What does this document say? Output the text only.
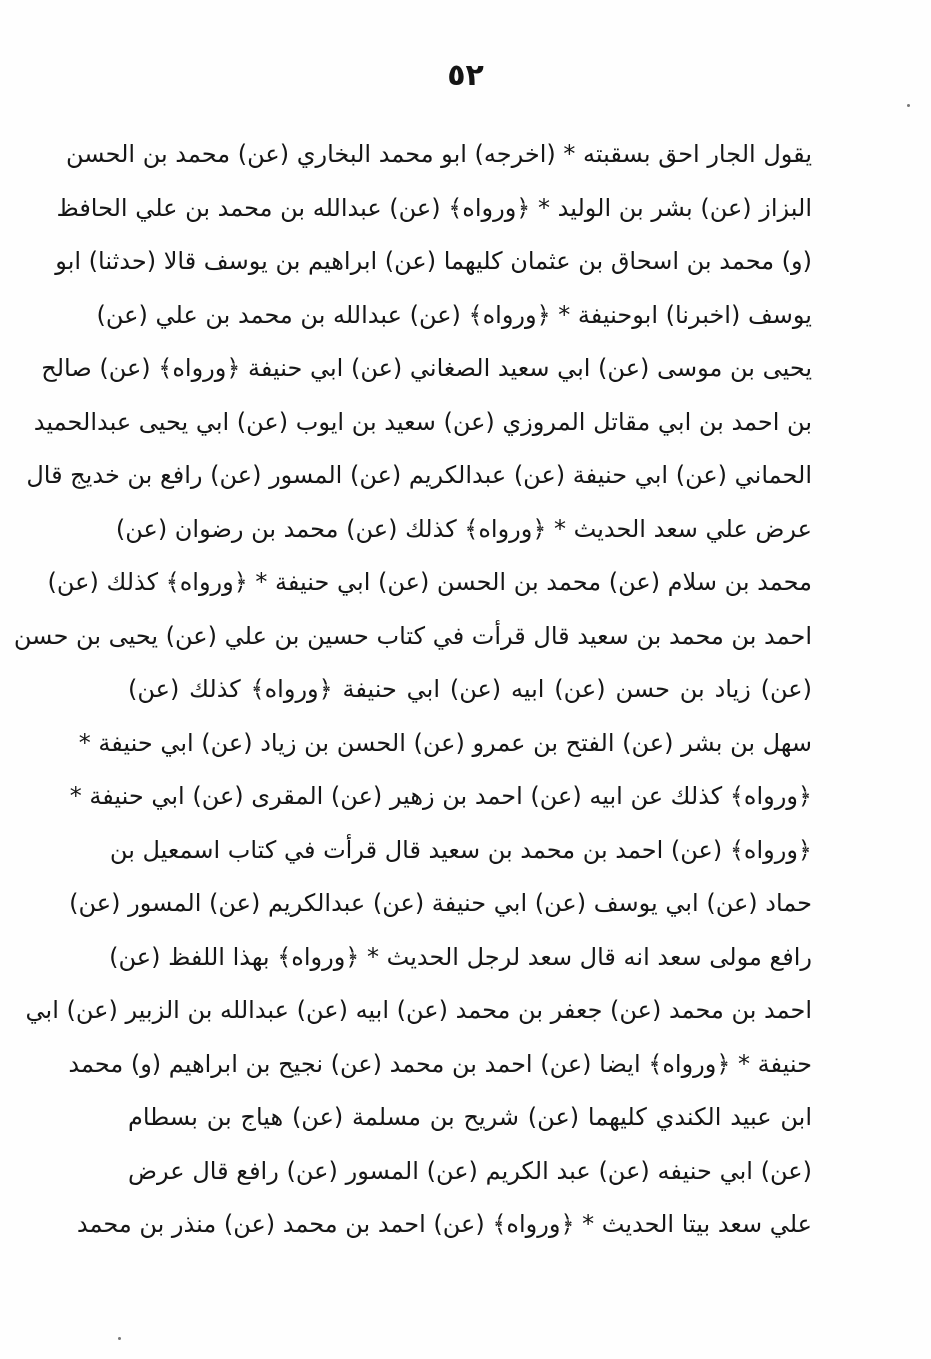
٥٢
يقول الجار احق بسقبته * (اخرجه) ابو محمد البخاري (عن) محمد بن الحسن
البزاز (عن) بشر بن الوليد * ﴿ورواه﴾ (عن) عبدالله بن محمد بن علي الحافظ
(و) محمد بن اسحاق بن عثمان كليهما (عن) ابراهيم بن يوسف قالا (حدثنا) ابو
يوسف (اخبرنا) ابوحنيفة * ﴿ورواه﴾ (عن) عبدالله بن محمد بن علي (عن)
يحيى بن موسى (عن) ابي سعيد الصغاني (عن) ابي حنيفة ﴿ورواه﴾ (عن) صالح
بن احمد بن ابي مقاتل المروزي (عن) سعيد بن ايوب (عن) ابي يحيى عبدالحميد
الحماني (عن) ابي حنيفة (عن) عبدالكريم (عن) المسور (عن) رافع بن خديج قال
عرض علي سعد الحديث * ﴿ورواه﴾ كذلك (عن) محمد بن رضوان (عن)
محمد بن سلام (عن) محمد بن الحسن (عن) ابي حنيفة * ﴿ورواه﴾ كذلك (عن)
احمد بن محمد بن سعيد قال قرأت في كتاب حسين بن علي (عن) يحيى بن حسن
(عن) زياد بن حسن (عن) ابيه (عن) ابي حنيفة ﴿ورواه﴾ كذلك (عن)
سهل بن بشر (عن) الفتح بن عمرو (عن) الحسن بن زياد (عن) ابي حنيفة *
﴿ورواه﴾ كذلك عن ابيه (عن) احمد بن زهير (عن) المقرى (عن) ابي حنيفة *
﴿ورواه﴾ (عن) احمد بن محمد بن سعيد قال قرأت في كتاب اسمعيل بن
حماد (عن) ابي يوسف (عن) ابي حنيفة (عن) عبدالكريم (عن) المسور (عن)
رافع مولى سعد انه قال سعد لرجل الحديث * ﴿ورواه﴾ بهذا اللفظ (عن)
احمد بن محمد (عن) جعفر بن محمد (عن) ابيه (عن) عبدالله بن الزبير (عن) ابي
حنيفة * ﴿ورواه﴾ ايضا (عن) احمد بن محمد (عن) نجيح بن ابراهيم (و) محمد
ابن عبيد الكندي كليهما (عن) شريح بن مسلمة (عن) هياج بن بسطام
(عن) ابي حنيفه (عن) عبد الكريم (عن) المسور (عن) رافع قال عرض
علي سعد بيتا الحديث * ﴿ورواه﴾ (عن) احمد بن محمد (عن) منذر بن محمد
